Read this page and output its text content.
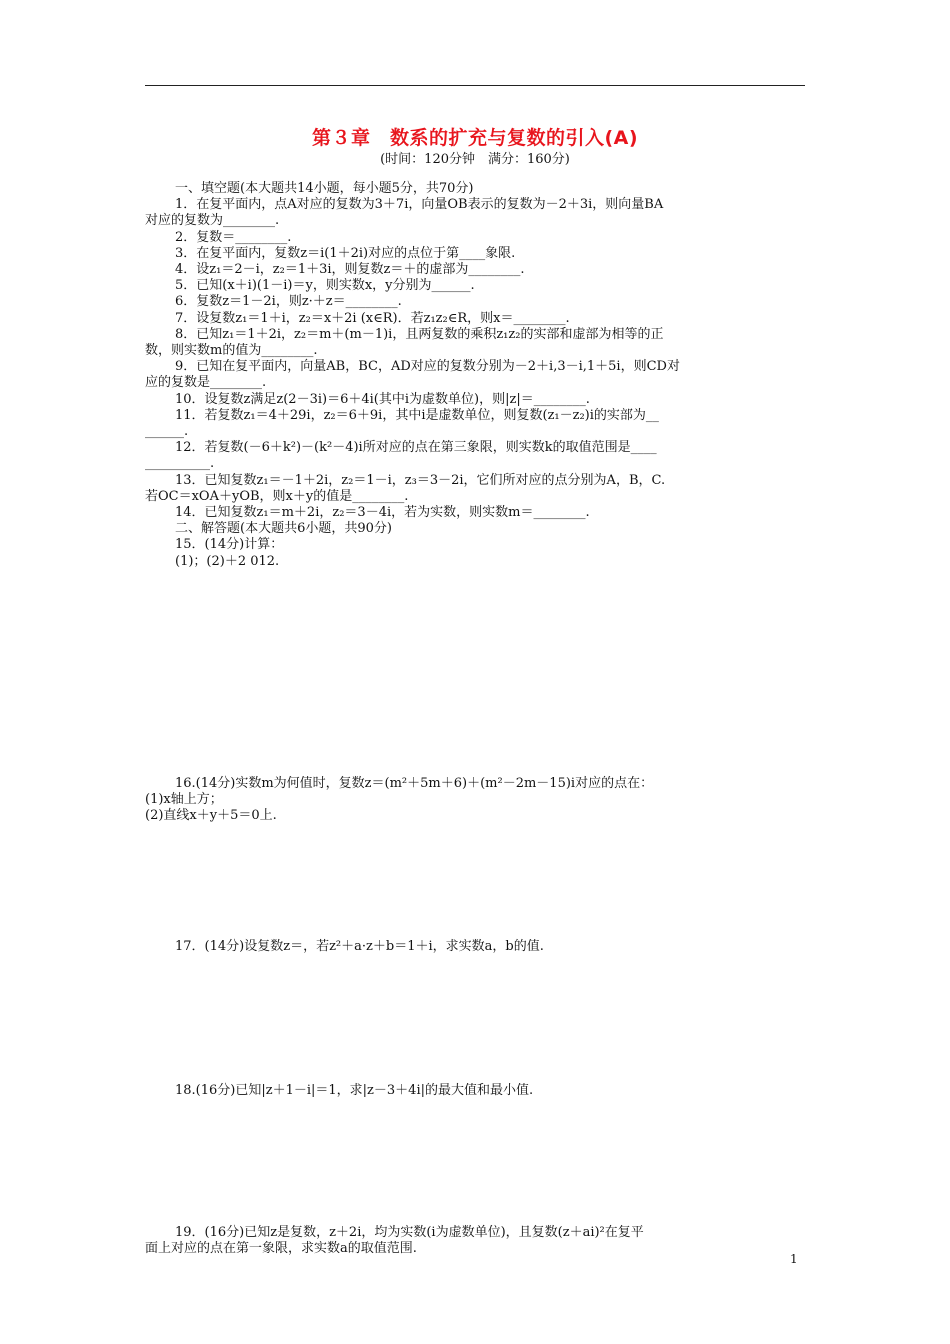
第３章　数系的扩充与复数的引入(A)
(时间：120分钟　满分：160分)

一、填空题(本大题共14小题，每小题5分，共70分)

1．在复平面内，点A对应的复数为3＋7i，向量OB表示的复数为－2＋3i，则向量BA

对应的复数为________.

2．复数＝________.

3．在复平面内，复数z＝i(1＋2i)对应的点位于第____象限.

4．设z₁＝2－i，z₂＝1＋3i，则复数z＝＋的虚部为________.

5．已知(x＋i)(1－i)＝y，则实数x，y分别为______.

6．复数z＝1－2i，则z·＋z＝________.

7．设复数z₁＝1＋i，z₂＝x＋2i (x∈R)．若z₁z₂∈R，则x＝________.

8．已知z₁＝1＋2i，z₂＝m＋(m－1)i，且两复数的乘积z₁z₂的实部和虚部为相等的正

数，则实数m的值为________.

9．已知在复平面内，向量AB，BC，AD对应的复数分别为－2＋i,3－i,1＋5i，则CD对

应的复数是________.

10．设复数z满足z(2－3i)＝6＋4i(其中i为虚数单位)，则|z|＝________.

11．若复数z₁＝4＋29i，z₂＝6＋9i，其中i是虚数单位，则复数(z₁－z₂)i的实部为__

______.

12．若复数(－6＋k²)－(k²－4)i所对应的点在第三象限，则实数k的取值范围是____

__________.

13．已知复数z₁＝－1＋2i，z₂＝1－i，z₃＝3－2i，它们所对应的点分别为A，B，C.

若OC＝xOA＋yOB，则x＋y的值是________.

14．已知复数z₁＝m＋2i，z₂＝3－4i，若为实数，则实数m＝________.

二、解答题(本大题共6小题，共90分)

15．(14分)计算：

(1)；(2)＋2 012.

16.(14分)实数m为何值时，复数z＝(m²＋5m＋6)＋(m²－2m－15)i对应的点在：

(1)x轴上方；

(2)直线x＋y＋5＝0上.

17．(14分)设复数z＝，若z²＋a·z＋b＝1＋i，求实数a，b的值.

18.(16分)已知|z＋1－i|＝1，求|z－3＋4i|的最大值和最小值.

19．(16分)已知z是复数，z＋2i，均为实数(i为虚数单位)，且复数(z＋ai)²在复平

面上对应的点在第一象限，求实数a的取值范围.

1
